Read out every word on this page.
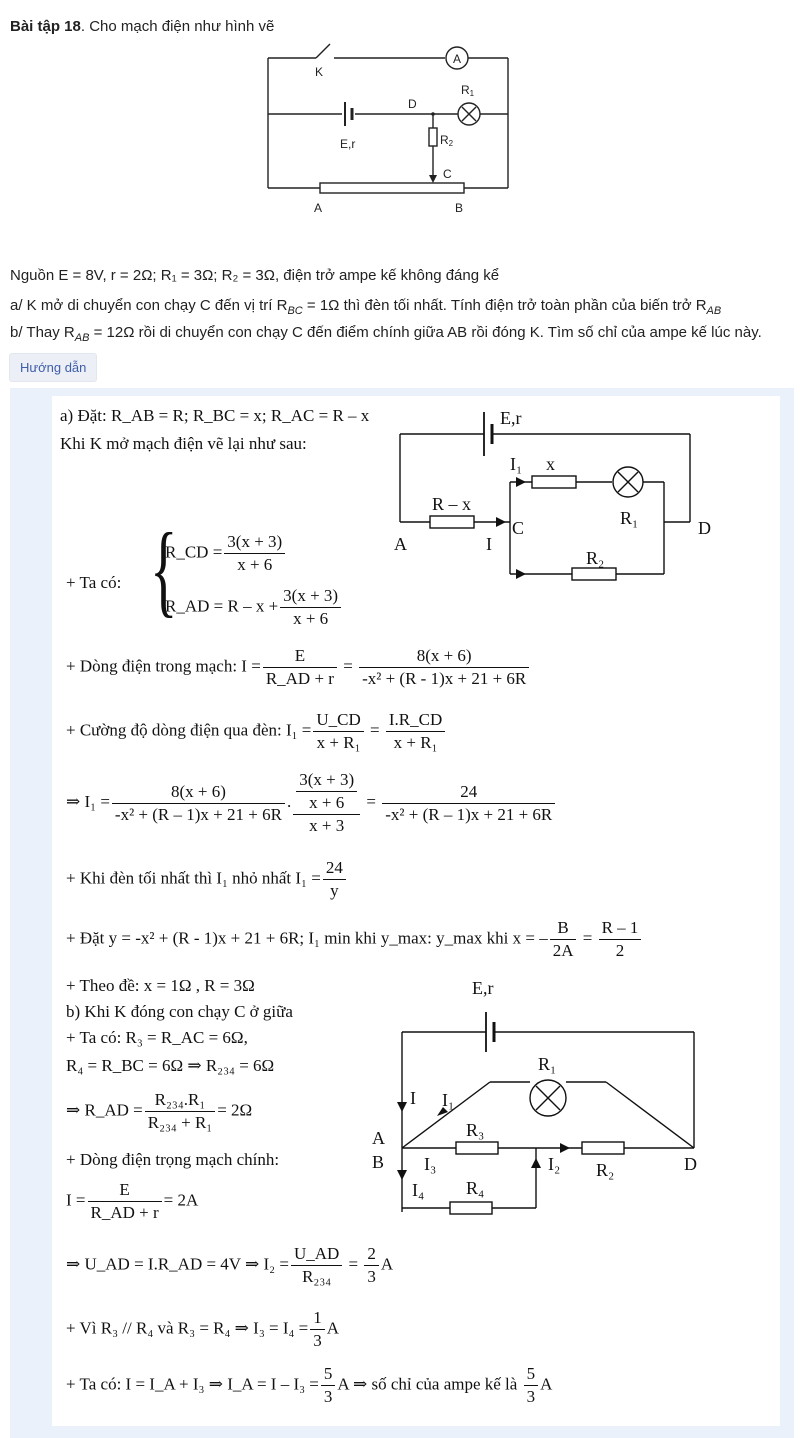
Bài tập 18. Cho mạch điện như hình vẽ
K
A
D
R1
E,r	R2
C
A	B
Nguồn E = 8V, r = 2Ω; R₁ = 3Ω; R₂ = 3Ω, điện trở ampe kế không đáng kể
a/ K mở di chuyển con chạy C đến vị trí $R_{BC} = 1\Omega$ thì đèn tối nhất. Tính điện trở toàn phần của biến trở $R_{AB}$
b/ Thay $R_{AB} = 12\Omega$ rồi di chuyển con chạy C đến điểm chính giữa AB rồi đóng K. Tìm số chỉ của ampe kế lúc này.
Hướng dẫn
a) Đặt: R_AB = R; R_BC = x; R_AC = R – x
Khi K mở mạch điện vẽ lại như sau:
E,r
I₁ x
R – x
C	R₁	D
A	I
R₂
+ Ta có: {
R_CD = $\frac{3(x + 3)}{x + 6}$
R_AD = $R - x + \frac{3(x + 3)}{x + 6}$
+ Dòng điện trong mạch: $I = \frac{E}{R\_AD + r} = \frac{8(x + 6)}{\text{-x² + (R - 1)x + 21 + 6R}}$
+ Cường độ dòng điện qua đèn: $I_1 = \frac{U\_CD}{\text{x + R₁}} = \frac{I.R\_CD}{\text{x + R₁}}$
⇒ $I_1 = \frac{8(x + 6)}{\text{-x² + (R – 1)x + 21 + 6R}}$ . $\frac{\frac{3(x + 3)}{x + 6}}{x + 3} = \frac{24}{\text{-x² + (R – 1)x + 21 + 6R}}$
+ Khi đèn tối nhất thì I₁ nhỏ nhất $I_1 = \frac{24}{y}$
+ Đặt y = -x² + (R - 1)x + 21 + 6R; I₁ min khi y_max: y_max khi x = – $\frac{B}{2A} = \frac{R - 1}{2}$
+ Theo đề: x = 1Ω , R = 3Ω
b) Khi K đóng con chạy C ở giữa
+ Ta có: R₃ = R_AC = 6Ω,
R₄ = R_BC = 6Ω ⇒ R₂₃₄ = 6Ω
⇒ R_AD = $\frac{\text{R₂₃₄.R₁}}{\text{R₂₃₄ + R₁}} = 2\Omega$
+ Dòng điện trọng mạch chính:
$I = \frac{E}{R\_AD + r} = 2A$
E,r
R₁
I I₁
A	R₃
B I₃	I₂ R₂	D
I₄ R₄
⇒ U_AD = I.R_AD = 4V ⇒ $I_2 = \frac{U\_AD}{\text{R₂₃₄}} = \frac{2}{3}$ A
+ Vì R₃ // R₄ và R₃ = R₄ ⇒ $I_3 = I_4 = \frac{1}{3}$ A
+ Ta có: I = I_A + I₃ ⇒ I_A = $I - I_3 = \frac{5}{3}$ A ⇒ số chỉ của ampe kế là $\frac{5}{3}$ A
